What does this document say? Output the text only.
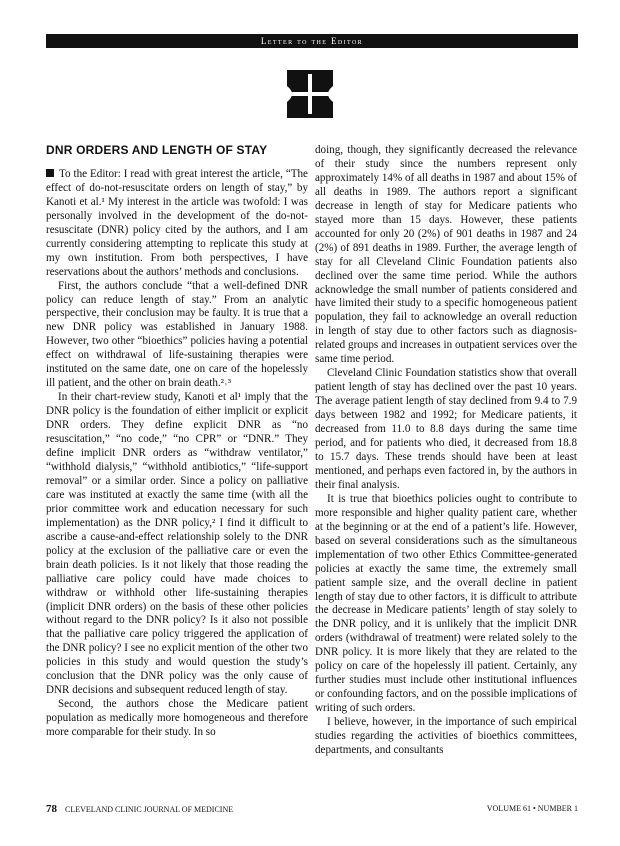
Letter to the Editor
DNR ORDERS AND LENGTH OF STAY

To the Editor: I read with great interest the article, “The effect of do-not-resuscitate orders on length of stay,” by Kanoti et al.¹ My interest in the article was twofold: I was personally involved in the development of the do-not-resuscitate (DNR) policy cited by the authors, and I am currently considering attempting to replicate this study at my own institution. From both perspectives, I have reservations about the authors’ methods and conclusions.

First, the authors conclude “that a well-defined DNR policy can reduce length of stay.” From an analytic perspective, their conclusion may be faulty. It is true that a new DNR policy was established in January 1988. However, two other “bioethics” policies having a potential effect on withdrawal of life-sustaining therapies were instituted on the same date, one on care of the hopelessly ill patient, and the other on brain death.²˒³

In their chart-review study, Kanoti et al¹ imply that the DNR policy is the foundation of either implicit or explicit DNR orders. They define explicit DNR as “no resuscitation,” “no code,” “no CPR” or “DNR.” They define implicit DNR orders as “withdraw ventilator,” “withhold dialysis,” “withhold antibiotics,” “life-support removal” or a similar order. Since a policy on palliative care was instituted at exactly the same time (with all the prior committee work and education necessary for such implementation) as the DNR policy,² I find it difficult to ascribe a cause-and-effect relationship solely to the DNR policy at the exclusion of the palliative care or even the brain death policies. Is it not likely that those reading the palliative care policy could have made choices to withdraw or withhold other life-sustaining therapies (implicit DNR orders) on the basis of these other policies without regard to the DNR policy? Is it also not possible that the palliative care policy triggered the application of the DNR policy? I see no explicit mention of the other two policies in this study and would question the study’s conclusion that the DNR policy was the only cause of DNR decisions and subsequent reduced length of stay.

Second, the authors chose the Medicare patient population as medically more homogeneous and therefore more comparable for their study. In so

doing, though, they significantly decreased the relevance of their study since the numbers represent only approximately 14% of all deaths in 1987 and about 15% of all deaths in 1989. The authors report a significant decrease in length of stay for Medicare patients who stayed more than 15 days. However, these patients accounted for only 20 (2%) of 901 deaths in 1987 and 24 (2%) of 891 deaths in 1989. Further, the average length of stay for all Cleveland Clinic Foundation patients also declined over the same time period. While the authors acknowledge the small number of patients considered and have limited their study to a specific homogeneous patient population, they fail to acknowledge an overall reduction in length of stay due to other factors such as diagnosis-related groups and increases in outpatient services over the same time period.

Cleveland Clinic Foundation statistics show that overall patient length of stay has declined over the past 10 years. The average patient length of stay declined from 9.4 to 7.9 days between 1982 and 1992; for Medicare patients, it decreased from 11.0 to 8.8 days during the same time period, and for patients who died, it decreased from 18.8 to 15.7 days. These trends should have been at least mentioned, and perhaps even factored in, by the authors in their final analysis.

It is true that bioethics policies ought to contribute to more responsible and higher quality patient care, whether at the beginning or at the end of a patient’s life. However, based on several considerations such as the simultaneous implementation of two other Ethics Committee-generated policies at exactly the same time, the extremely small patient sample size, and the overall decline in patient length of stay due to other factors, it is difficult to attribute the decrease in Medicare patients’ length of stay solely to the DNR policy, and it is unlikely that the implicit DNR orders (withdrawal of treatment) were related solely to the DNR policy. It is more likely that they are related to the policy on care of the hopelessly ill patient. Certainly, any further studies must include other institutional influences or confounding factors, and on the possible implications of writing of such orders.

I believe, however, in the importance of such empirical studies regarding the activities of bioethics committees, departments, and consultants

78 CLEVELAND CLINIC JOURNAL OF MEDICINE	VOLUME 61 • NUMBER 1
